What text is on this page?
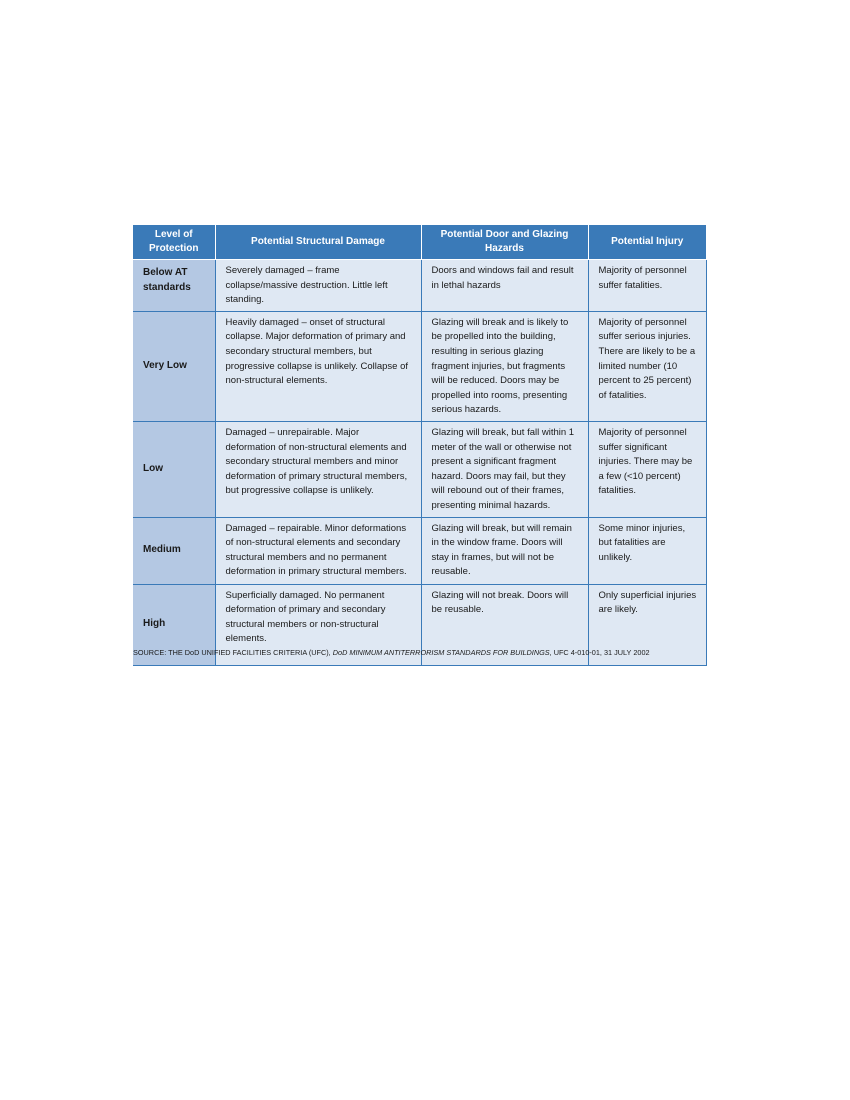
Level of Protection	Potential Structural Damage	Potential Door and Glazing Hazards	Potential Injury
Below AT standards	Severely damaged – frame collapse/massive destruction. Little left standing.	Doors and windows fail and result in lethal hazards	Majority of personnel suffer fatalities.
Very Low	Heavily damaged – onset of structural collapse. Major deformation of primary and secondary structural members, but progressive collapse is unlikely. Collapse of non-structural elements.	Glazing will break and is likely to be propelled into the building, resulting in serious glazing fragment injuries, but fragments will be reduced. Doors may be propelled into rooms, presenting serious hazards.	Majority of personnel suffer serious injuries. There are likely to be a limited number (10 percent to 25 percent) of fatalities.
Low	Damaged – unrepairable. Major deformation of non-structural elements and secondary structural members and minor deformation of primary structural members, but progressive collapse is unlikely.	Glazing will break, but fall within 1 meter of the wall or otherwise not present a significant fragment hazard. Doors may fail, but they will rebound out of their frames, presenting minimal hazards.	Majority of personnel suffer significant injuries. There may be a few (<10 percent) fatalities.
Medium	Damaged – repairable. Minor deformations of non-structural elements and secondary structural members and no permanent deformation in primary structural members.	Glazing will break, but will remain in the window frame. Doors will stay in frames, but will not be reusable.	Some minor injuries, but fatalities are unlikely.
High	Superficially damaged. No permanent deformation of primary and secondary structural members or non-structural elements.	Glazing will not break. Doors will be reusable.	Only superficial injuries are likely.
SOURCE: THE DoD UNIFIED FACILITIES CRITERIA (UFC), DoD MINIMUM ANTITERRORISM STANDARDS FOR BUILDINGS, UFC 4-010-01, 31 JULY 2002
